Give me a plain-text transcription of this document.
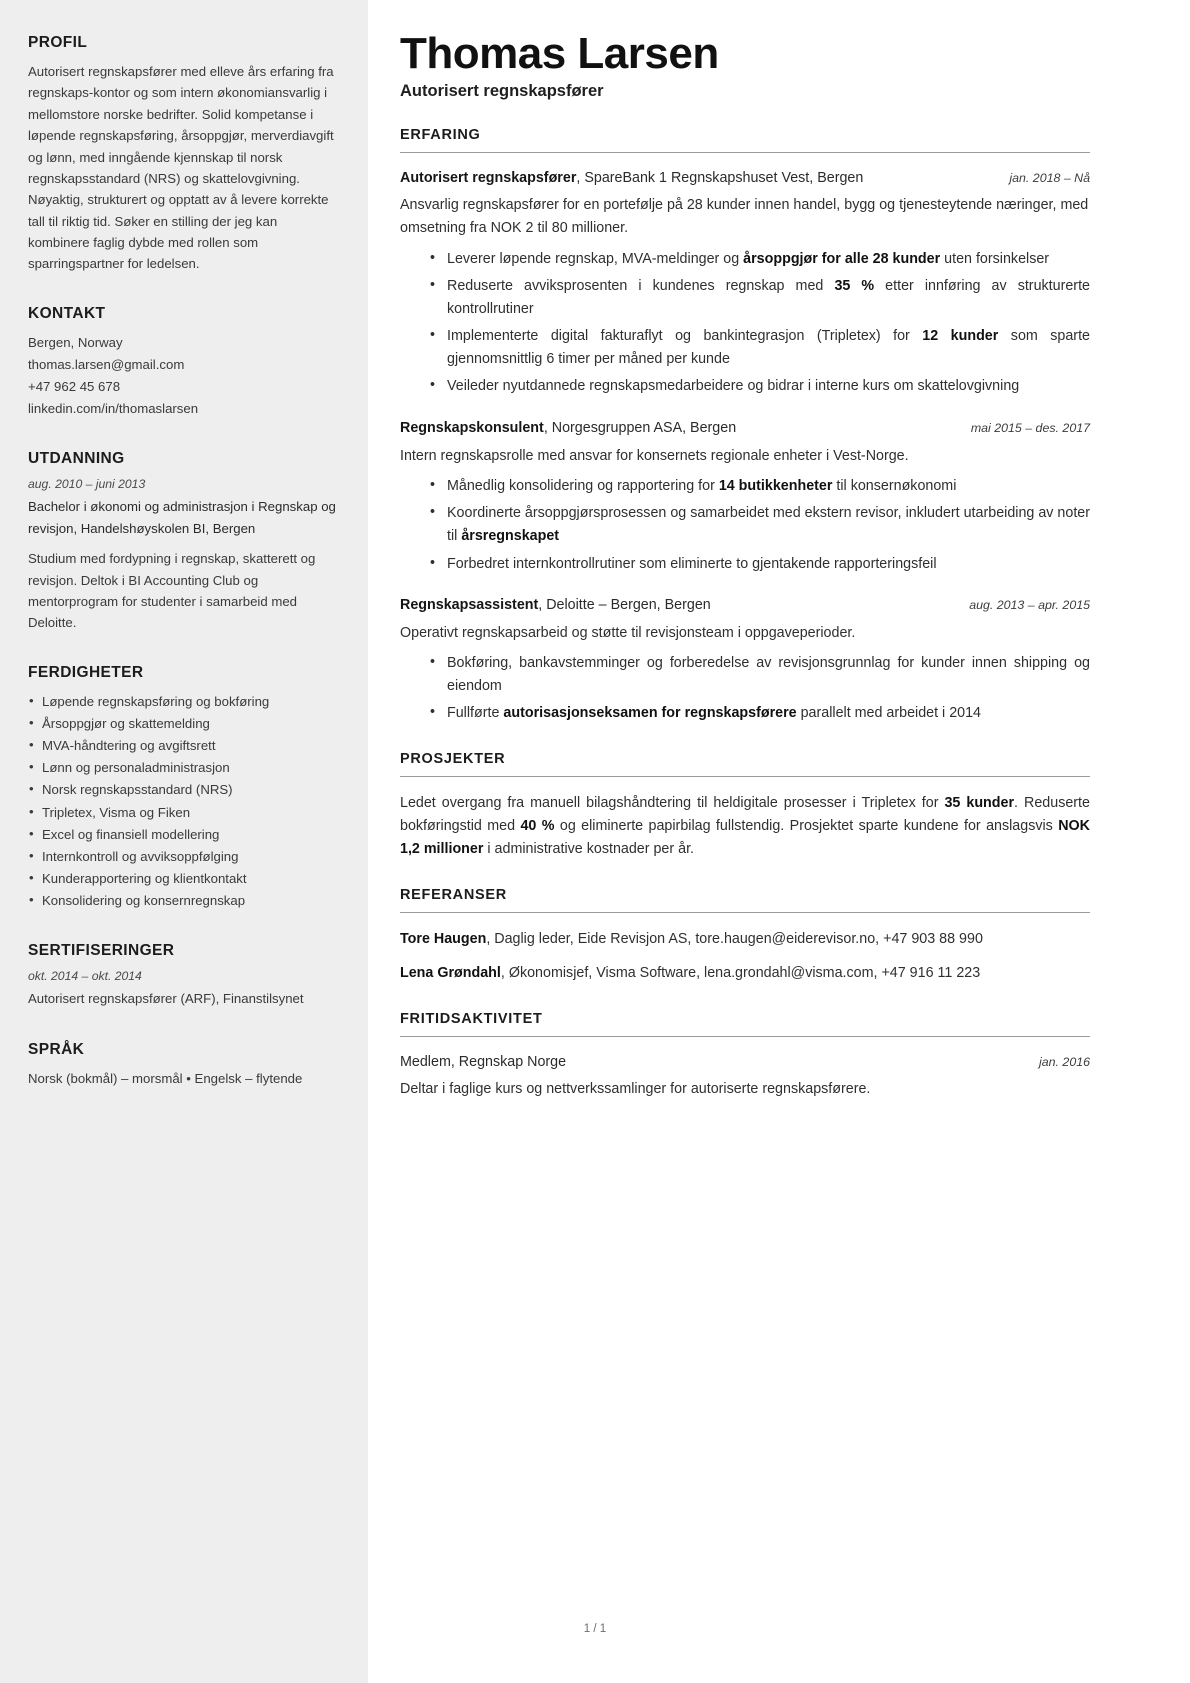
PROFIL
Autorisert regnskapsfører med elleve års erfaring fra regnskaps-kontor og som intern økonomiansvarlig i mellomstore norske bedrifter. Solid kompetanse i løpende regnskapsføring, årsoppgjør, merverdiavgift og lønn, med inngående kjennskap til norsk regnskapsstandard (NRS) og skattelovgivning. Nøyaktig, strukturert og opptatt av å levere korrekte tall til riktig tid. Søker en stilling der jeg kan kombinere faglig dybde med rollen som sparringspartner for ledelsen.
KONTAKT
Bergen, Norway
thomas.larsen@gmail.com
+47 962 45 678
linkedin.com/in/thomaslarsen
UTDANNING
aug. 2010 – juni 2013
Bachelor i økonomi og administrasjon i Regnskap og revisjon, Handelshøyskolen BI, Bergen
Studium med fordypning i regnskap, skatterett og revisjon. Deltok i BI Accounting Club og mentorprogram for studenter i samarbeid med Deloitte.
FERDIGHETER
• Løpende regnskapsføring og bokføring
• Årsoppgjør og skattemelding
• MVA-håndtering og avgiftsrett
• Lønn og personaladministrasjon
• Norsk regnskapsstandard (NRS)
• Tripletex, Visma og Fiken
• Excel og finansiell modellering
• Internkontroll og avviksoppfølging
• Kunderapportering og klientkontakt
• Konsolidering og konsernregnskap
SERTIFISERINGER
okt. 2014 – okt. 2014
Autorisert regnskapsfører (ARF), Finanstilsynet
SPRÅK
Norsk (bokmål) – morsmål • Engelsk – flytende
Thomas Larsen
Autorisert regnskapsfører
ERFARING
Autorisert regnskapsfører, SpareBank 1 Regnskapshuset Vest, Bergen	jan. 2018 – Nå
Ansvarlig regnskapsfører for en portefølje på 28 kunder innen handel, bygg og tjenesteytende næringer, med omsetning fra NOK 2 til 80 millioner.
• Leverer løpende regnskap, MVA-meldinger og årsoppgjør for alle 28 kunder uten forsinkelser
• Reduserte avviksprosenten i kundenes regnskap med 35 % etter innføring av strukturerte kontrollrutiner
• Implementerte digital fakturaflyt og bankintegrasjon (Tripletex) for 12 kunder som sparte gjennomsnittlig 6 timer per måned per kunde
• Veileder nyutdannede regnskapsmedarbeidere og bidrar i interne kurs om skattelovgivning
Regnskapskonsulent, Norgesgruppen ASA, Bergen	mai 2015 – des. 2017
Intern regnskapsrolle med ansvar for konsernets regionale enheter i Vest-Norge.
• Månedlig konsolidering og rapportering for 14 butikkenheter til konsernøkonomi
• Koordinerte årsoppgjørsprosessen og samarbeidet med ekstern revisor, inkludert utarbeiding av noter til årsregnskapet
• Forbedret internkontrollrutiner som eliminerte to gjentakende rapporteringsfeil
Regnskapsassistent, Deloitte – Bergen, Bergen	aug. 2013 – apr. 2015
Operativt regnskapsarbeid og støtte til revisjonsteam i oppgaveperioder.
• Bokføring, bankavstemminger og forberedelse av revisjonsgrunnlag for kunder innen shipping og eiendom
• Fullførte autorisasjonseksamen for regnskapsførere parallelt med arbeidet i 2014
PROSJEKTER

Ledet overgang fra manuell bilagshåndtering til heldigitale prosesser i Tripletex for 35 kunder. Reduserte bokføringstid med 40 % og eliminerte papirbilag fullstendig. Prosjektet sparte kundene for anslagsvis NOK 1,2 millioner i administrative kostnader per år.

REFERANSER
Tore Haugen, Daglig leder, Eide Revisjon AS, tore.haugen@eiderevisor.no, +47 903 88 990
Lena Grøndahl, Økonomisjef, Visma Software, lena.grondahl@visma.com, +47 916 11 223
FRITIDSAKTIVITET
Medlem, Regnskap Norge	jan. 2016
Deltar i faglige kurs og nettverkssamlinger for autoriserte regnskapsførere.
1 / 1
